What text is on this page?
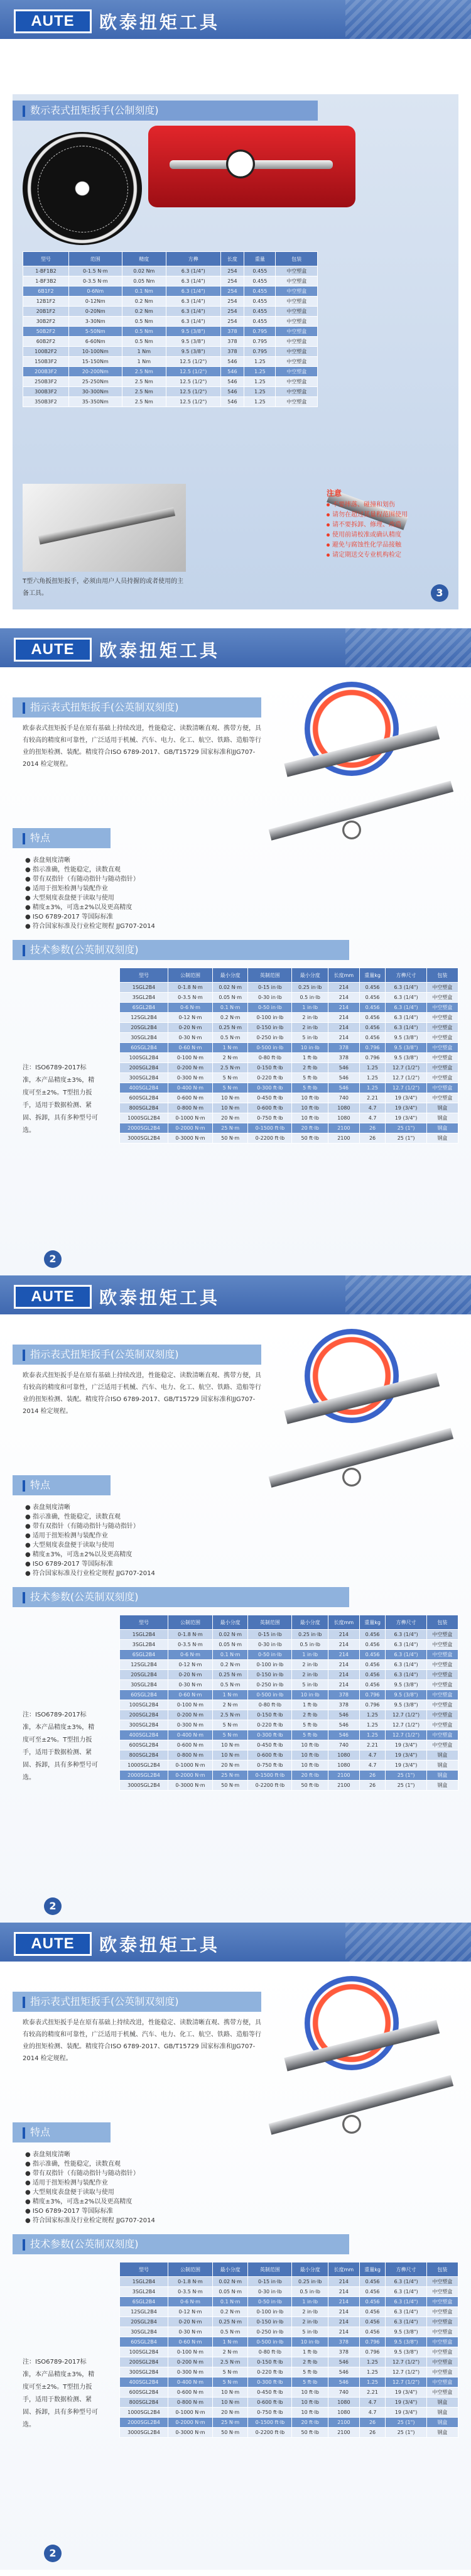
AUTE	欧泰扭矩工具
数示表式扭矩扳手(公制刻度)
型号	范围	精度	方榫	长度	重量	包装
1-BF1B2	0-1.5 N·m	0.02 Nm	6.3 (1/4")	254	0.455	中空塑盒
1-BF3B2	0-3.5 N·m	0.05 Nm	6.3 (1/4")	254	0.455	中空塑盒
6B1F2	0-6Nm	0.1 Nm	6.3 (1/4")	254	0.455	中空塑盒
12B1F2	0-12Nm	0.2 Nm	6.3 (1/4")	254	0.455	中空塑盒
20B1F2	0-20Nm	0.2 Nm	6.3 (1/4")	254	0.455	中空塑盒
30B2F2	3-30Nm	0.5 Nm	6.3 (1/4")	254	0.455	中空塑盒
50B2F2	5-50Nm	0.5 Nm	9.5 (3/8")	378	0.795	中空塑盒
60B2F2	6-60Nm	0.5 Nm	9.5 (3/8")	378	0.795	中空塑盒
100B2F2	10-100Nm	1 Nm	9.5 (3/8")	378	0.795	中空塑盒
150B3F2	15-150Nm	1 Nm	12.5 (1/2")	546	1.25	中空塑盒
200B3F2	20-200Nm	2.5 Nm	12.5 (1/2")	546	1.25	中空塑盒
250B3F2	25-250Nm	2.5 Nm	12.5 (1/2")	546	1.25	中空塑盒
300B3F2	30-300Nm	2.5 Nm	12.5 (1/2")	546	1.25	中空塑盒
350B3F2	35-350Nm	2.5 Nm	12.5 (1/2")	546	1.25	中空塑盒
T型六角扳扭矩扳手，必须由用户人员持握的或者使用的主备工具。
注意
不要摔落、碰撞和划伤
请勿在超过其量程范围使用
请不要拆卸、修理、改造
使用前请校准或确认精度
避免与腐蚀性化学品接触
请定期送交专业机构检定
3
AUTE	欧泰扭矩工具
指示表式扭矩扳手(公英制双刻度)
欧泰表式扭矩扳手是在原有基础上持续改进，性能稳定、读数清晰直观、携带方便，具有较高的精度和可靠性，广泛适用于机械、汽车、电力、化工、航空、铁路、造船等行业的扭矩检测、装配。精度符合ISO 6789-2017、GB/T15729 国家标准和JJG707-2014 检定规程。
特点
● 表盘刻度清晰
● 指示准确，性能稳定，读数直观
● 带有双指针（有随动指针与随动指针）
● 适用于扭矩检测与装配作业
● 大型刻度表盘便于读取与使用
● 精度±3%，可选±2%以及更高精度
● ISO 6789-2017 等国际标准
● 符合国家标准及行业检定规程 JJG707-2014
技术参数(公英制双刻度)
注：ISO6789-2017标准，本产品精度±3%，精度可至±2%。T型扭力扳手，适用于数据检测、紧固、拆卸，具有多种型号可选。
型号	公制范围	最小分度	英制范围	最小分度	长度mm	重量kg	方榫尺寸	包装
1SGL2B4	0-1.8 N·m	0.02 N·m	0-15 in·lb	0.25 in·lb	214	0.456	6.3 (1/4")	中空塑盒
3SGL2B4	0-3.5 N·m	0.05 N·m	0-30 in·lb	0.5 in·lb	214	0.456	6.3 (1/4")	中空塑盒
6SGL2B4	0-6 N·m	0.1 N·m	0-50 in·lb	1 in·lb	214	0.456	6.3 (1/4")	中空塑盒
12SGL2B4	0-12 N·m	0.2 N·m	0-100 in·lb	2 in·lb	214	0.456	6.3 (1/4")	中空塑盒
20SGL2B4	0-20 N·m	0.25 N·m	0-150 in·lb	2 in·lb	214	0.456	6.3 (1/4")	中空塑盒
30SGL2B4	0-30 N·m	0.5 N·m	0-250 in·lb	5 in·lb	214	0.456	9.5 (3/8")	中空塑盒
60SGL2B4	0-60 N·m	1 N·m	0-500 in·lb	10 in·lb	378	0.796	9.5 (3/8")	中空塑盒
100SGL2B4	0-100 N·m	2 N·m	0-80 ft·lb	1 ft·lb	378	0.796	9.5 (3/8")	中空塑盒
200SGL2B4	0-200 N·m	2.5 N·m	0-150 ft·lb	2 ft·lb	546	1.25	12.7 (1/2")	中空塑盒
300SGL2B4	0-300 N·m	5 N·m	0-220 ft·lb	5 ft·lb	546	1.25	12.7 (1/2")	中空塑盒
400SGL2B4	0-400 N·m	5 N·m	0-300 ft·lb	5 ft·lb	546	1.25	12.7 (1/2")	中空塑盒
600SGL2B4	0-600 N·m	10 N·m	0-450 ft·lb	10 ft·lb	740	2.21	19 (3/4")	中空塑盒
800SGL2B4	0-800 N·m	10 N·m	0-600 ft·lb	10 ft·lb	1080	4.7	19 (3/4")	钢盒
1000SGL2B4	0-1000 N·m	20 N·m	0-750 ft·lb	10 ft·lb	1080	4.7	19 (3/4")	钢盒
2000SGL2B4	0-2000 N·m	25 N·m	0-1500 ft·lb	20 ft·lb	2100	26	25 (1")	钢盒
3000SGL2B4	0-3000 N·m	50 N·m	0-2200 ft·lb	50 ft·lb	2100	26	25 (1")	钢盒
2
AUTE	欧泰扭矩工具
指示表式扭矩扳手(公英制双刻度)
欧泰表式扭矩扳手是在原有基础上持续改进，性能稳定、读数清晰直观、携带方便，具有较高的精度和可靠性，广泛适用于机械、汽车、电力、化工、航空、铁路、造船等行业的扭矩检测、装配。精度符合ISO 6789-2017、GB/T15729 国家标准和JJG707-2014 检定规程。
特点
● 表盘刻度清晰
● 指示准确，性能稳定，读数直观
● 带有双指针（有随动指针与随动指针）
● 适用于扭矩检测与装配作业
● 大型刻度表盘便于读取与使用
● 精度±3%，可选±2%以及更高精度
● ISO 6789-2017 等国际标准
● 符合国家标准及行业检定规程 JJG707-2014
技术参数(公英制双刻度)
注：ISO6789-2017标准，本产品精度±3%，精度可至±2%。T型扭力扳手，适用于数据检测、紧固、拆卸，具有多种型号可选。
型号	公制范围	最小分度	英制范围	最小分度	长度mm	重量kg	方榫尺寸	包装
1SGL2B4	0-1.8 N·m	0.02 N·m	0-15 in·lb	0.25 in·lb	214	0.456	6.3 (1/4")	中空塑盒
3SGL2B4	0-3.5 N·m	0.05 N·m	0-30 in·lb	0.5 in·lb	214	0.456	6.3 (1/4")	中空塑盒
6SGL2B4	0-6 N·m	0.1 N·m	0-50 in·lb	1 in·lb	214	0.456	6.3 (1/4")	中空塑盒
12SGL2B4	0-12 N·m	0.2 N·m	0-100 in·lb	2 in·lb	214	0.456	6.3 (1/4")	中空塑盒
20SGL2B4	0-20 N·m	0.25 N·m	0-150 in·lb	2 in·lb	214	0.456	6.3 (1/4")	中空塑盒
30SGL2B4	0-30 N·m	0.5 N·m	0-250 in·lb	5 in·lb	214	0.456	9.5 (3/8")	中空塑盒
60SGL2B4	0-60 N·m	1 N·m	0-500 in·lb	10 in·lb	378	0.796	9.5 (3/8")	中空塑盒
100SGL2B4	0-100 N·m	2 N·m	0-80 ft·lb	1 ft·lb	378	0.796	9.5 (3/8")	中空塑盒
200SGL2B4	0-200 N·m	2.5 N·m	0-150 ft·lb	2 ft·lb	546	1.25	12.7 (1/2")	中空塑盒
300SGL2B4	0-300 N·m	5 N·m	0-220 ft·lb	5 ft·lb	546	1.25	12.7 (1/2")	中空塑盒
400SGL2B4	0-400 N·m	5 N·m	0-300 ft·lb	5 ft·lb	546	1.25	12.7 (1/2")	中空塑盒
600SGL2B4	0-600 N·m	10 N·m	0-450 ft·lb	10 ft·lb	740	2.21	19 (3/4")	中空塑盒
800SGL2B4	0-800 N·m	10 N·m	0-600 ft·lb	10 ft·lb	1080	4.7	19 (3/4")	钢盒
1000SGL2B4	0-1000 N·m	20 N·m	0-750 ft·lb	10 ft·lb	1080	4.7	19 (3/4")	钢盒
2000SGL2B4	0-2000 N·m	25 N·m	0-1500 ft·lb	20 ft·lb	2100	26	25 (1")	钢盒
3000SGL2B4	0-3000 N·m	50 N·m	0-2200 ft·lb	50 ft·lb	2100	26	25 (1")	钢盒
2
AUTE	欧泰扭矩工具
指示表式扭矩扳手(公英制双刻度)
欧泰表式扭矩扳手是在原有基础上持续改进，性能稳定、读数清晰直观、携带方便，具有较高的精度和可靠性，广泛适用于机械、汽车、电力、化工、航空、铁路、造船等行业的扭矩检测、装配。精度符合ISO 6789-2017、GB/T15729 国家标准和JJG707-2014 检定规程。
特点
● 表盘刻度清晰
● 指示准确，性能稳定，读数直观
● 带有双指针（有随动指针与随动指针）
● 适用于扭矩检测与装配作业
● 大型刻度表盘便于读取与使用
● 精度±3%，可选±2%以及更高精度
● ISO 6789-2017 等国际标准
● 符合国家标准及行业检定规程 JJG707-2014
技术参数(公英制双刻度)
注：ISO6789-2017标准，本产品精度±3%，精度可至±2%。T型扭力扳手，适用于数据检测、紧固、拆卸，具有多种型号可选。
型号	公制范围	最小分度	英制范围	最小分度	长度mm	重量kg	方榫尺寸	包装
1SGL2B4	0-1.8 N·m	0.02 N·m	0-15 in·lb	0.25 in·lb	214	0.456	6.3 (1/4")	中空塑盒
3SGL2B4	0-3.5 N·m	0.05 N·m	0-30 in·lb	0.5 in·lb	214	0.456	6.3 (1/4")	中空塑盒
6SGL2B4	0-6 N·m	0.1 N·m	0-50 in·lb	1 in·lb	214	0.456	6.3 (1/4")	中空塑盒
12SGL2B4	0-12 N·m	0.2 N·m	0-100 in·lb	2 in·lb	214	0.456	6.3 (1/4")	中空塑盒
20SGL2B4	0-20 N·m	0.25 N·m	0-150 in·lb	2 in·lb	214	0.456	6.3 (1/4")	中空塑盒
30SGL2B4	0-30 N·m	0.5 N·m	0-250 in·lb	5 in·lb	214	0.456	9.5 (3/8")	中空塑盒
60SGL2B4	0-60 N·m	1 N·m	0-500 in·lb	10 in·lb	378	0.796	9.5 (3/8")	中空塑盒
100SGL2B4	0-100 N·m	2 N·m	0-80 ft·lb	1 ft·lb	378	0.796	9.5 (3/8")	中空塑盒
200SGL2B4	0-200 N·m	2.5 N·m	0-150 ft·lb	2 ft·lb	546	1.25	12.7 (1/2")	中空塑盒
300SGL2B4	0-300 N·m	5 N·m	0-220 ft·lb	5 ft·lb	546	1.25	12.7 (1/2")	中空塑盒
400SGL2B4	0-400 N·m	5 N·m	0-300 ft·lb	5 ft·lb	546	1.25	12.7 (1/2")	中空塑盒
600SGL2B4	0-600 N·m	10 N·m	0-450 ft·lb	10 ft·lb	740	2.21	19 (3/4")	中空塑盒
800SGL2B4	0-800 N·m	10 N·m	0-600 ft·lb	10 ft·lb	1080	4.7	19 (3/4")	钢盒
1000SGL2B4	0-1000 N·m	20 N·m	0-750 ft·lb	10 ft·lb	1080	4.7	19 (3/4")	钢盒
2000SGL2B4	0-2000 N·m	25 N·m	0-1500 ft·lb	20 ft·lb	2100	26	25 (1")	钢盒
3000SGL2B4	0-3000 N·m	50 N·m	0-2200 ft·lb	50 ft·lb	2100	26	25 (1")	钢盒
2
